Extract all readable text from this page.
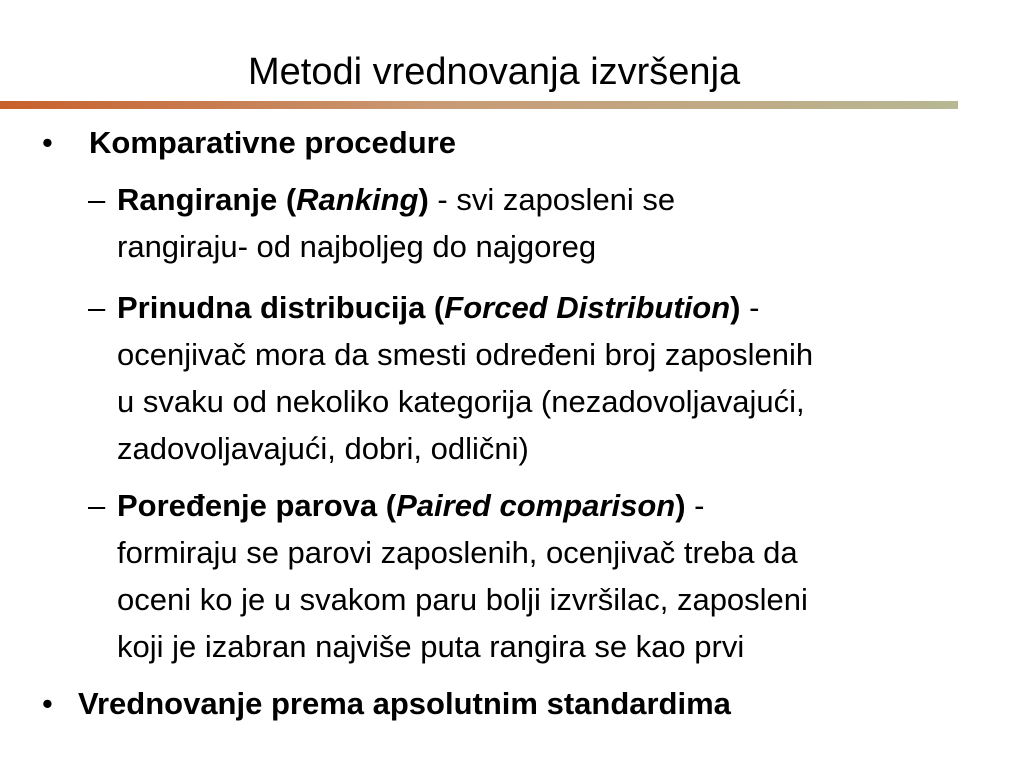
Metodi vrednovanja izvršenja
• Komparativne procedure
– Rangiranje (Ranking) - svi zaposleni se
rangiraju- od najboljeg do najgoreg
– Prinudna distribucija (Forced Distribution) -
ocenjivač mora da smesti određeni broj zaposlenih
u svaku od nekoliko kategorija (nezadovoljavajući,
zadovoljavajući, dobri, odlični)
– Poređenje parova (Paired comparison) -
formiraju se parovi zaposlenih, ocenjivač treba da
oceni ko je u svakom paru bolji izvršilac, zaposleni
koji je izabran najviše puta rangira se kao prvi
• Vrednovanje prema apsolutnim standardima
